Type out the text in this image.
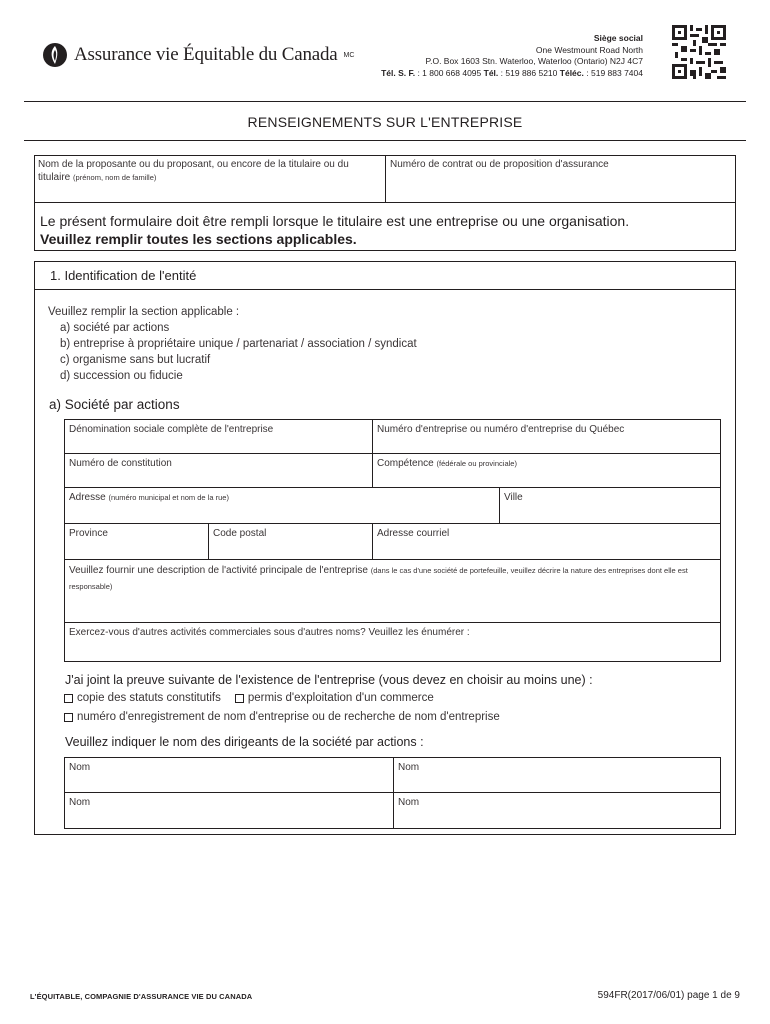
Assurance vie Équitable du Canada MC
Siège social
One Westmount Road North
P.O. Box 1603 Stn. Waterloo, Waterloo (Ontario) N2J 4C7
Tél. S. F. : 1 800 668 4095 Tél. : 519 886 5210 Téléc. : 519 883 7404
RENSEIGNEMENTS SUR L'ENTREPRISE
Nom de la proposante ou du proposant, ou encore de la titulaire ou du titulaire (prénom, nom de famille)
Numéro de contrat ou de proposition d'assurance
Le présent formulaire doit être rempli lorsque le titulaire est une entreprise ou une organisation.
Veuillez remplir toutes les sections applicables.
1. Identification de l'entité
Veuillez remplir la section applicable :
a) société par actions
b) entreprise à propriétaire unique / partenariat / association / syndicat
c) organisme sans but lucratif
d) succession ou fiducie
a) Société par actions
Dénomination sociale complète de l'entreprise	Numéro d'entreprise ou numéro d'entreprise du Québec
Numéro de constitution	Compétence (fédérale ou provinciale)
Adresse (numéro municipal et nom de la rue)	Ville
Province	Code postal	Adresse courriel
Veuillez fournir une description de l'activité principale de l'entreprise (dans le cas d'une société de portefeuille, veuillez décrire la nature des entreprises dont elle est responsable)
Exercez-vous d'autres activités commerciales sous d'autres noms? Veuillez les énumérer :
J'ai joint la preuve suivante de l'existence de l'entreprise (vous devez en choisir au moins une) :
copie des statuts constitutifs permis d'exploitation d'un commerce
numéro d'enregistrement de nom d'entreprise ou de recherche de nom d'entreprise
Veuillez indiquer le nom des dirigeants de la société par actions :
Nom	Nom
Nom	Nom
L'ÉQUITABLE, COMPAGNIE D'ASSURANCE VIE DU CANADA	594FR(2017/06/01) page 1 de 9
